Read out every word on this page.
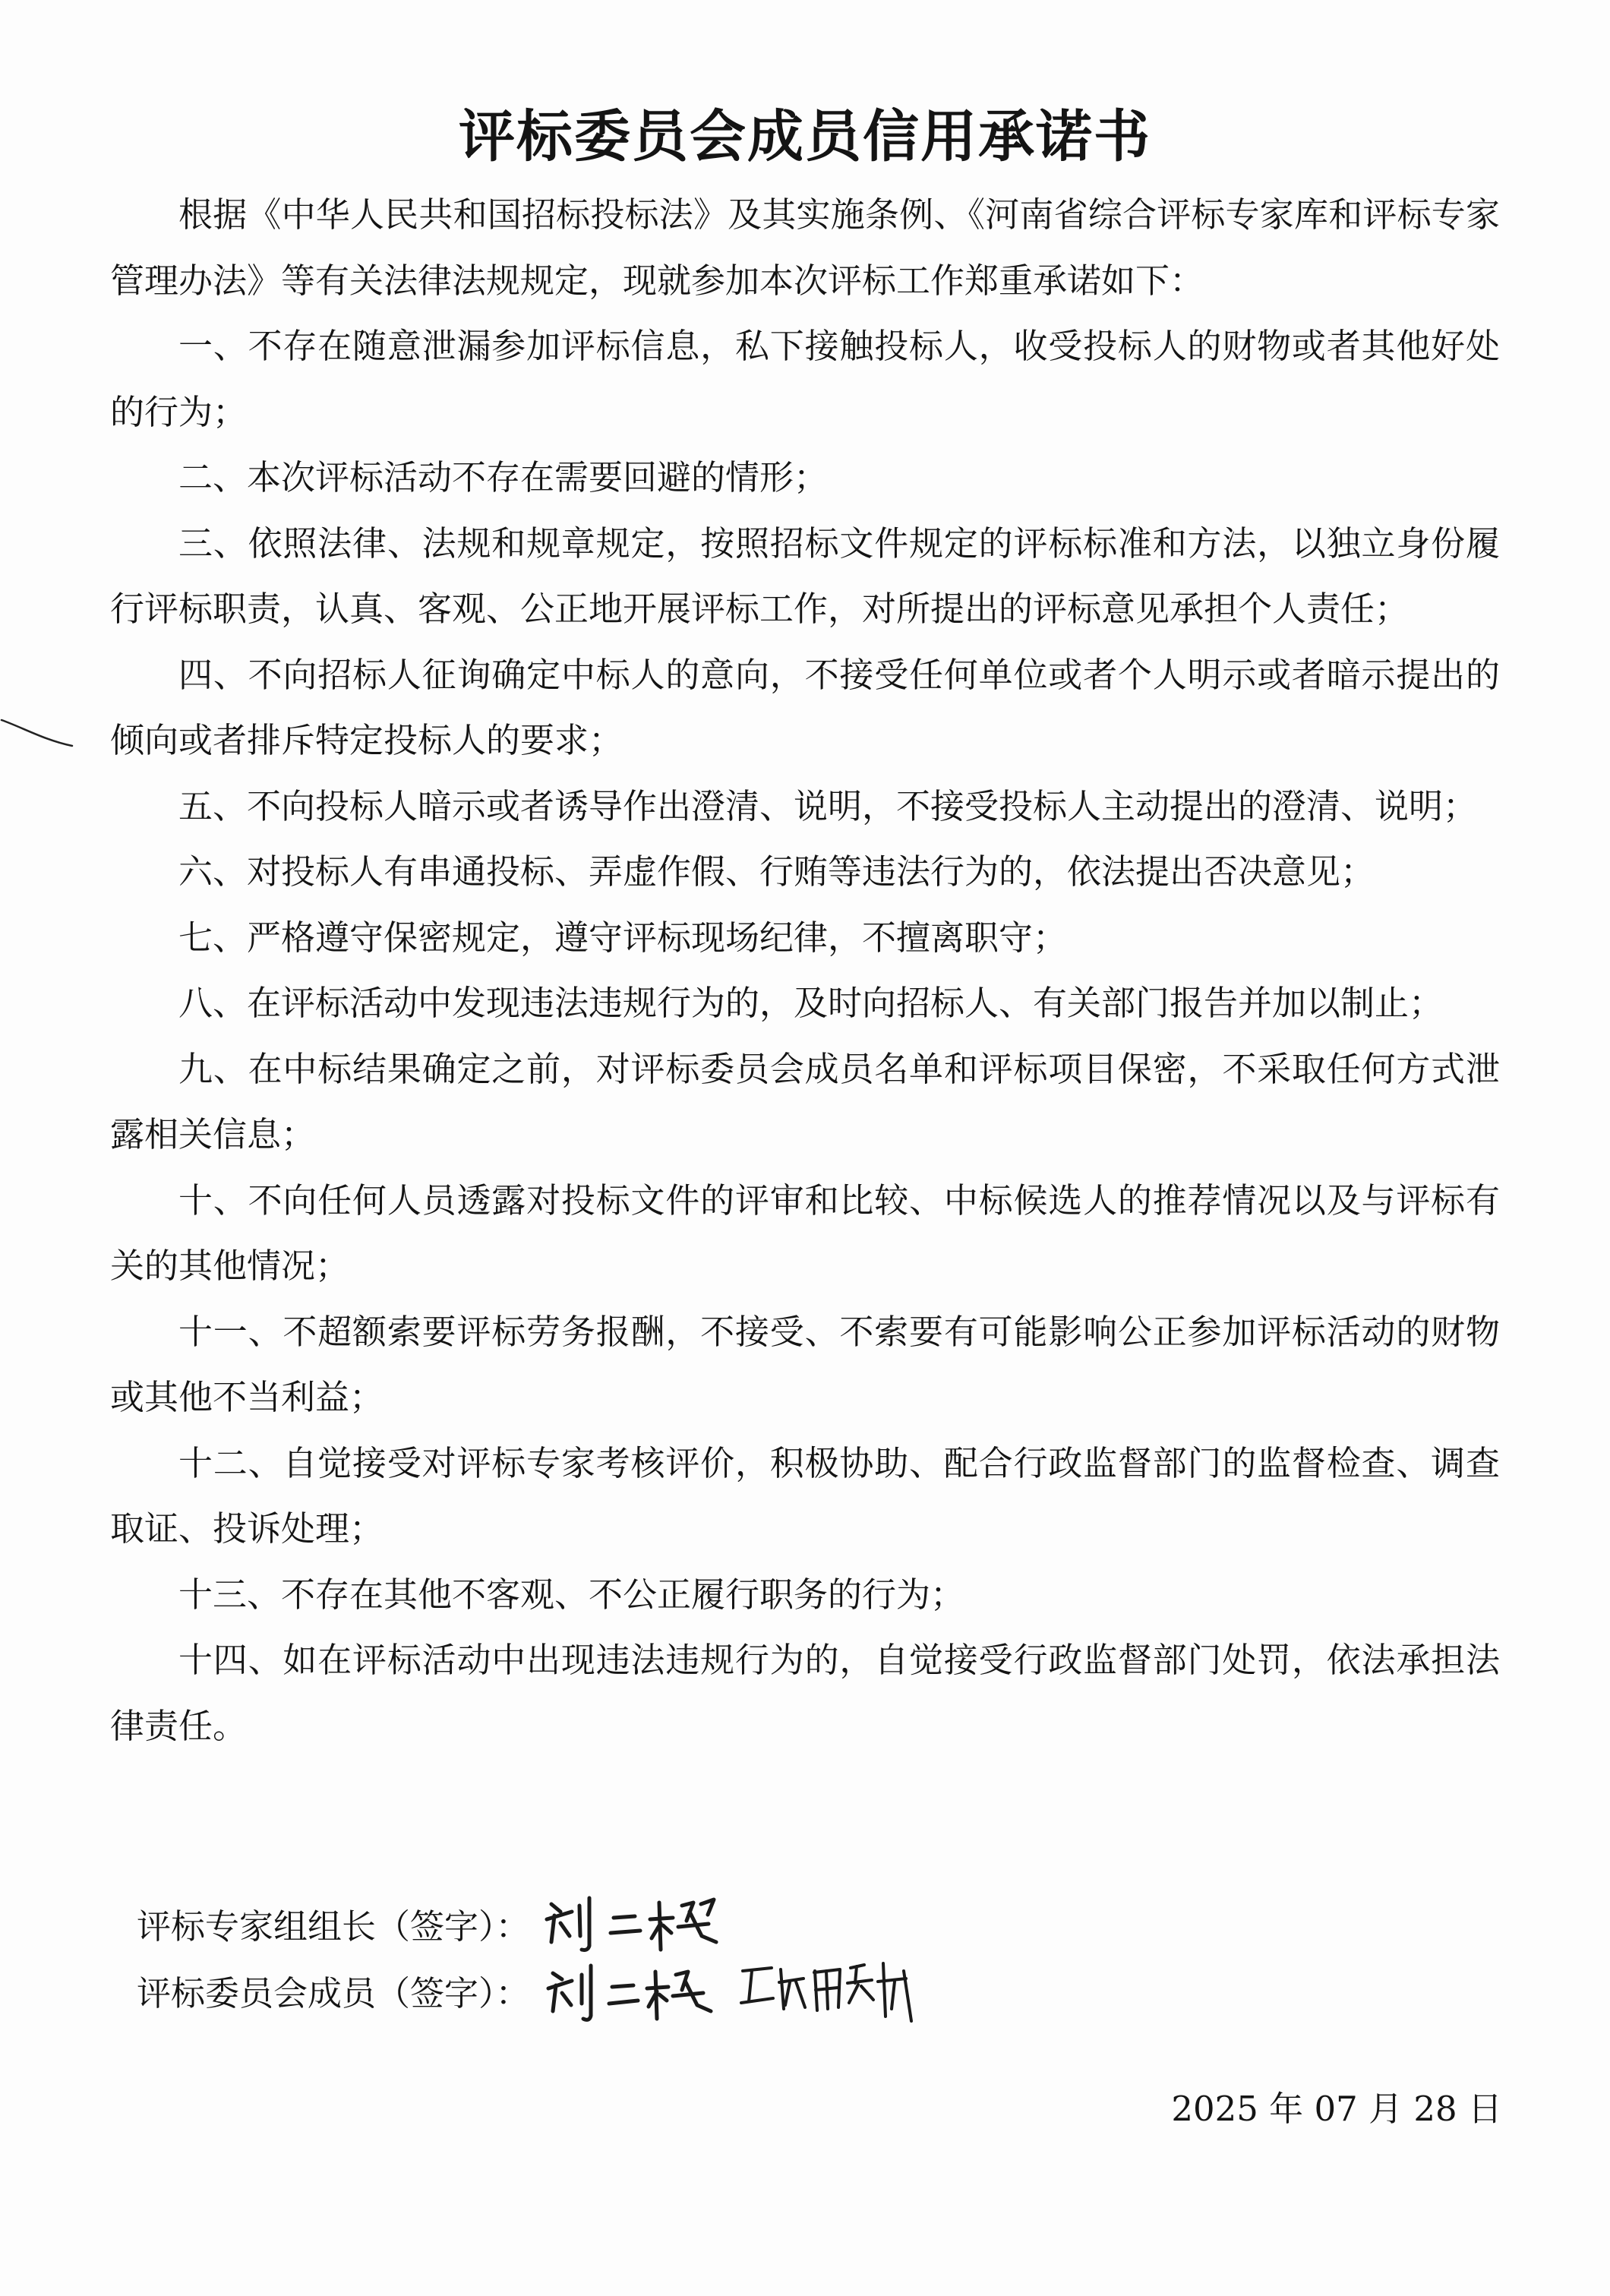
评标委员会成员信用承诺书

根据《中华人民共和国招标投标法》及其实施条例、《河南省综合评标专家库和评标专家管理办法》等有关法律法规规定，现就参加本次评标工作郑重承诺如下：

一、不存在随意泄漏参加评标信息，私下接触投标人，收受投标人的财物或者其他好处的行为；

二、本次评标活动不存在需要回避的情形；

三、依照法律、法规和规章规定，按照招标文件规定的评标标准和方法，以独立身份履行评标职责，认真、客观、公正地开展评标工作，对所提出的评标意见承担个人责任；

四、不向招标人征询确定中标人的意向，不接受任何单位或者个人明示或者暗示提出的倾向或者排斥特定投标人的要求；

五、不向投标人暗示或者诱导作出澄清、说明，不接受投标人主动提出的澄清、说明；

六、对投标人有串通投标、弄虚作假、行贿等违法行为的，依法提出否决意见；

七、严格遵守保密规定，遵守评标现场纪律，不擅离职守；

八、在评标活动中发现违法违规行为的，及时向招标人、有关部门报告并加以制止；

九、在中标结果确定之前，对评标委员会成员名单和评标项目保密，不采取任何方式泄露相关信息；

十、不向任何人员透露对投标文件的评审和比较、中标候选人的推荐情况以及与评标有关的其他情况；

十一、不超额索要评标劳务报酬，不接受、不索要有可能影响公正参加评标活动的财物或其他不当利益；

十二、自觉接受对评标专家考核评价，积极协助、配合行政监督部门的监督检查、调查取证、投诉处理；

十三、不存在其他不客观、不公正履行职务的行为；

十四、如在评标活动中出现违法违规行为的，自觉接受行政监督部门处罚，依法承担法律责任。

评标专家组组长（签字）：
评标委员会成员（签字）：
2025 年 07 月 28 日
